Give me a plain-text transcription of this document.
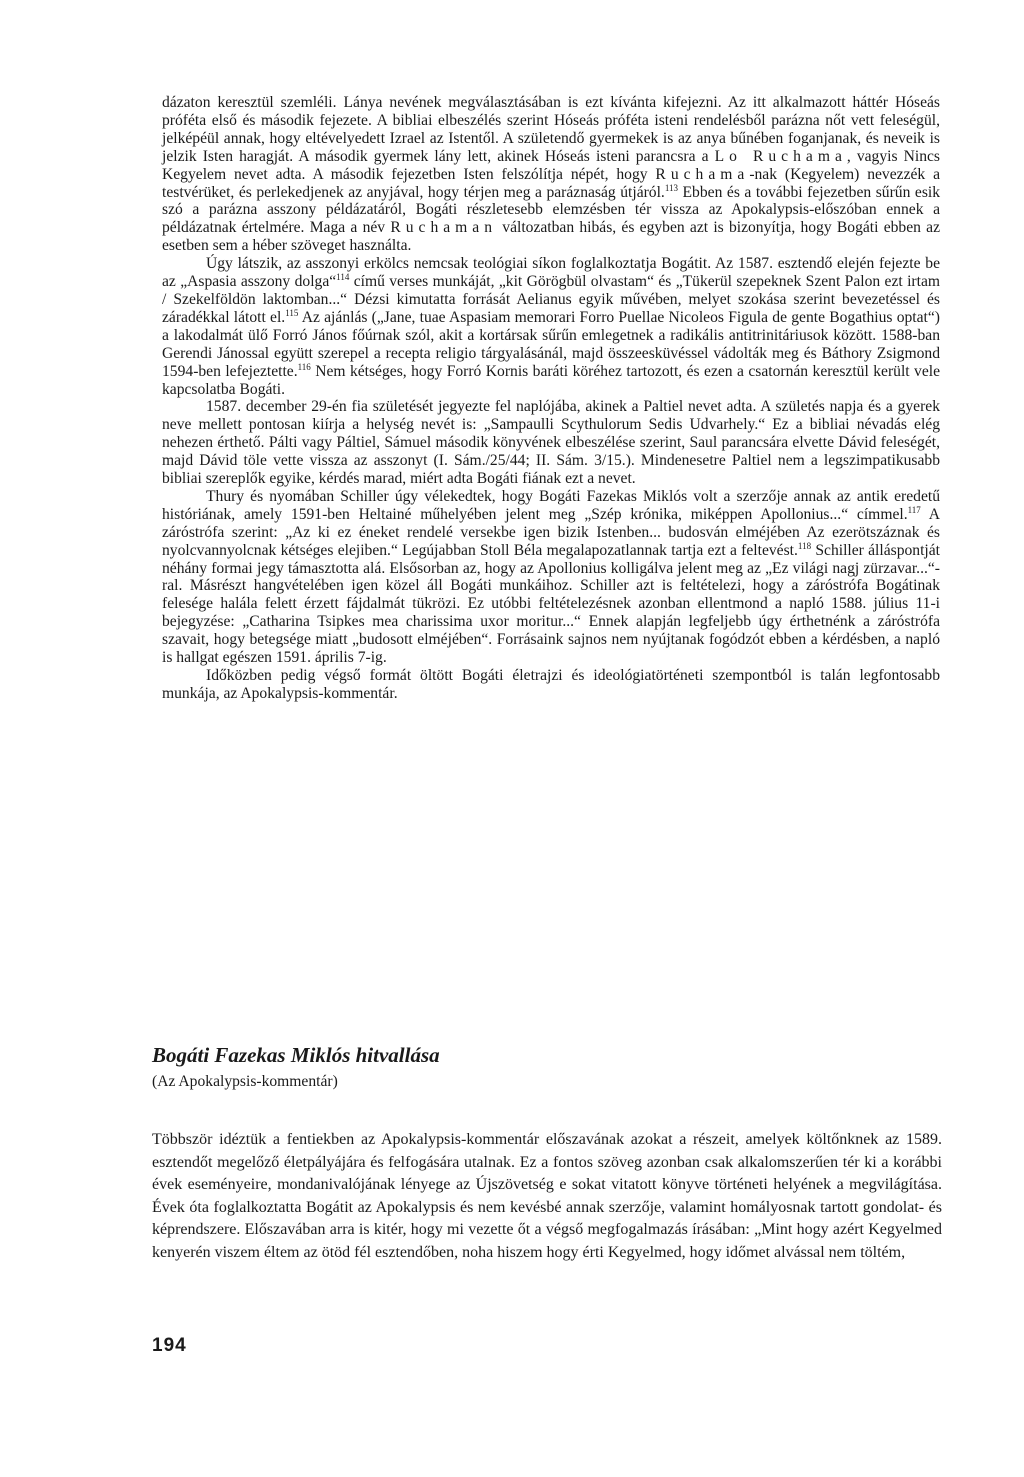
dázaton keresztül szemléli. Lánya nevének megválasztásában is ezt kívánta kifejezni. Az itt alkalmazott háttér Hóseás próféta első és második fejezete. A bibliai elbeszélés szerint Hóseás próféta isteni rendelésből parázna nőt vett feleségül, jelképéül annak, hogy eltévelyedett Izrael az Istentől. A születendő gyermekek is az anya bűnében foganjanak, és neveik is jelzik Isten haragját. A második gyermek lány lett, akinek Hóseás isteni parancsra a Lo Ruchama, vagyis Nincs Kegyelem nevet adta. A második fejezetben Isten felszólítja népét, hogy Ruchama-nak (Kegyelem) nevezzék a testvérüket, és perlekedjenek az anyjával, hogy térjen meg a paráznaság útjáról.$^{113}$ Ebben és a további fejezetben sűrűn esik szó a parázna asszony példázatáról, Bogáti részletesebb elemzésben tér vissza az Apokalypsis-előszóban ennek a példázatnak értelmére. Maga a név Ruchaman változatban hibás, és egyben azt is bizonyítja, hogy Bogáti ebben az esetben sem a héber szöveget használta.

Úgy látszik, az asszonyi erkölcs nemcsak teológiai síkon foglalkoztatja Bogátit. Az 1587. esztendő elején fejezte be az „Aspasia asszony dolga“$^{114}$ című verses munkáját, „kit Görögbül olvastam“ és „Tükerül szepeknek Szent Palon ezt irtam / Szekelföldön laktomban...“ Dézsi kimutatta forrását Aelianus egyik művében, melyet szokása szerint bevezetéssel és záradékkal látott el.$^{115}$ Az ajánlás („Jane, tuae Aspasiam memorari Forro Puellae Nicoleos Figula de gente Bogathius optat“) a lakodalmát ülő Forró János főúrnak szól, akit a kortársak sűrűn emlegetnek a radikális antitrinitáriusok között. 1588-ban Gerendi Jánossal együtt szerepel a recepta religio tárgyalásánál, majd összeesküvéssel vádolták meg és Báthory Zsigmond 1594-ben lefejeztette.$^{116}$ Nem kétséges, hogy Forró Kornis baráti köréhez tartozott, és ezen a csatornán keresztül került vele kapcsolatba Bogáti.

1587. december 29-én fia születését jegyezte fel naplójába, akinek a Paltiel nevet adta. A születés napja és a gyerek neve mellett pontosan kiírja a helység nevét is: „Sampaulli Scythulorum Sedis Udvarhely.“ Ez a bibliai névadás elég nehezen érthető. Pálti vagy Páltiel, Sámuel második könyvének elbeszélése szerint, Saul parancsára elvette Dávid feleségét, majd Dávid töle vette vissza az asszonyt (I. Sám./25/44; II. Sám. 3/15.). Mindenesetre Paltiel nem a legszimpatikusabb bibliai szereplők egyike, kérdés marad, miért adta Bogáti fiának ezt a nevet.

Thury és nyomában Schiller úgy vélekedtek, hogy Bogáti Fazekas Miklós volt a szerzője annak az antik eredetű históriának, amely 1591-ben Heltainé műhelyében jelent meg „Szép krónika, miképpen Apollonius...“ címmel.$^{117}$ A záróstrófa szerint: „Az ki ez éneket rendelé versekbe igen bizik Istenben... budosván elméjében Az ezerötszáznak és nyolcvannyolcnak kétséges elejiben.“ Legújabban Stoll Béla megalapozatlannak tartja ezt a feltevést.$^{118}$ Schiller álláspontját néhány formai jegy támasztotta alá. Elsősorban az, hogy az Apollonius kolligálva jelent meg az „Ez világi nagj zürzavar...“-ral. Másrészt hangvételében igen közel áll Bogáti munkáihoz. Schiller azt is feltételezi, hogy a záróstrófa Bogátinak felesége halála felett érzett fájdalmát tükrözi. Ez utóbbi feltételezésnek azonban ellentmond a napló 1588. július 11-i bejegyzése: „Catharina Tsipkes mea charissima uxor moritur...“ Ennek alapján legfeljebb úgy érthetnénk a záróstrófa szavait, hogy betegsége miatt „budosott elméjében“. Forrásaink sajnos nem nyújtanak fogódzót ebben a kérdésben, a napló is hallgat egészen 1591. április 7-ig.

Időközben pedig végső formát öltött Bogáti életrajzi és ideológiatörténeti szempontból is talán legfontosabb munkája, az Apokalypsis-kommentár.

Bogáti Fazekas Miklós hitvallása
(Az Apokalypsis-kommentár)

Többször idéztük a fentiekben az Apokalypsis-kommentár előszavának azokat a részeit, amelyek költőnknek az 1589. esztendőt megelőző életpályájára és felfogására utalnak. Ez a fontos szöveg azonban csak alkalomszerűen tér ki a korábbi évek eseményeire, mondanivalójának lényege az Újszövetség e sokat vitatott könyve történeti helyének a megvilágítása. Évek óta foglalkoztatta Bogátit az Apokalypsis és nem kevésbé annak szerzője, valamint homályosnak tartott gondolat- és képrendszere. Előszavában arra is kitér, hogy mi vezette őt a végső megfogalmazás írásában: „Mint hogy azért Kegyelmed kenyerén viszem éltem az ötöd fél esztendőben, noha hiszem hogy érti Kegyelmed, hogy időmet alvással nem töltém,

194
